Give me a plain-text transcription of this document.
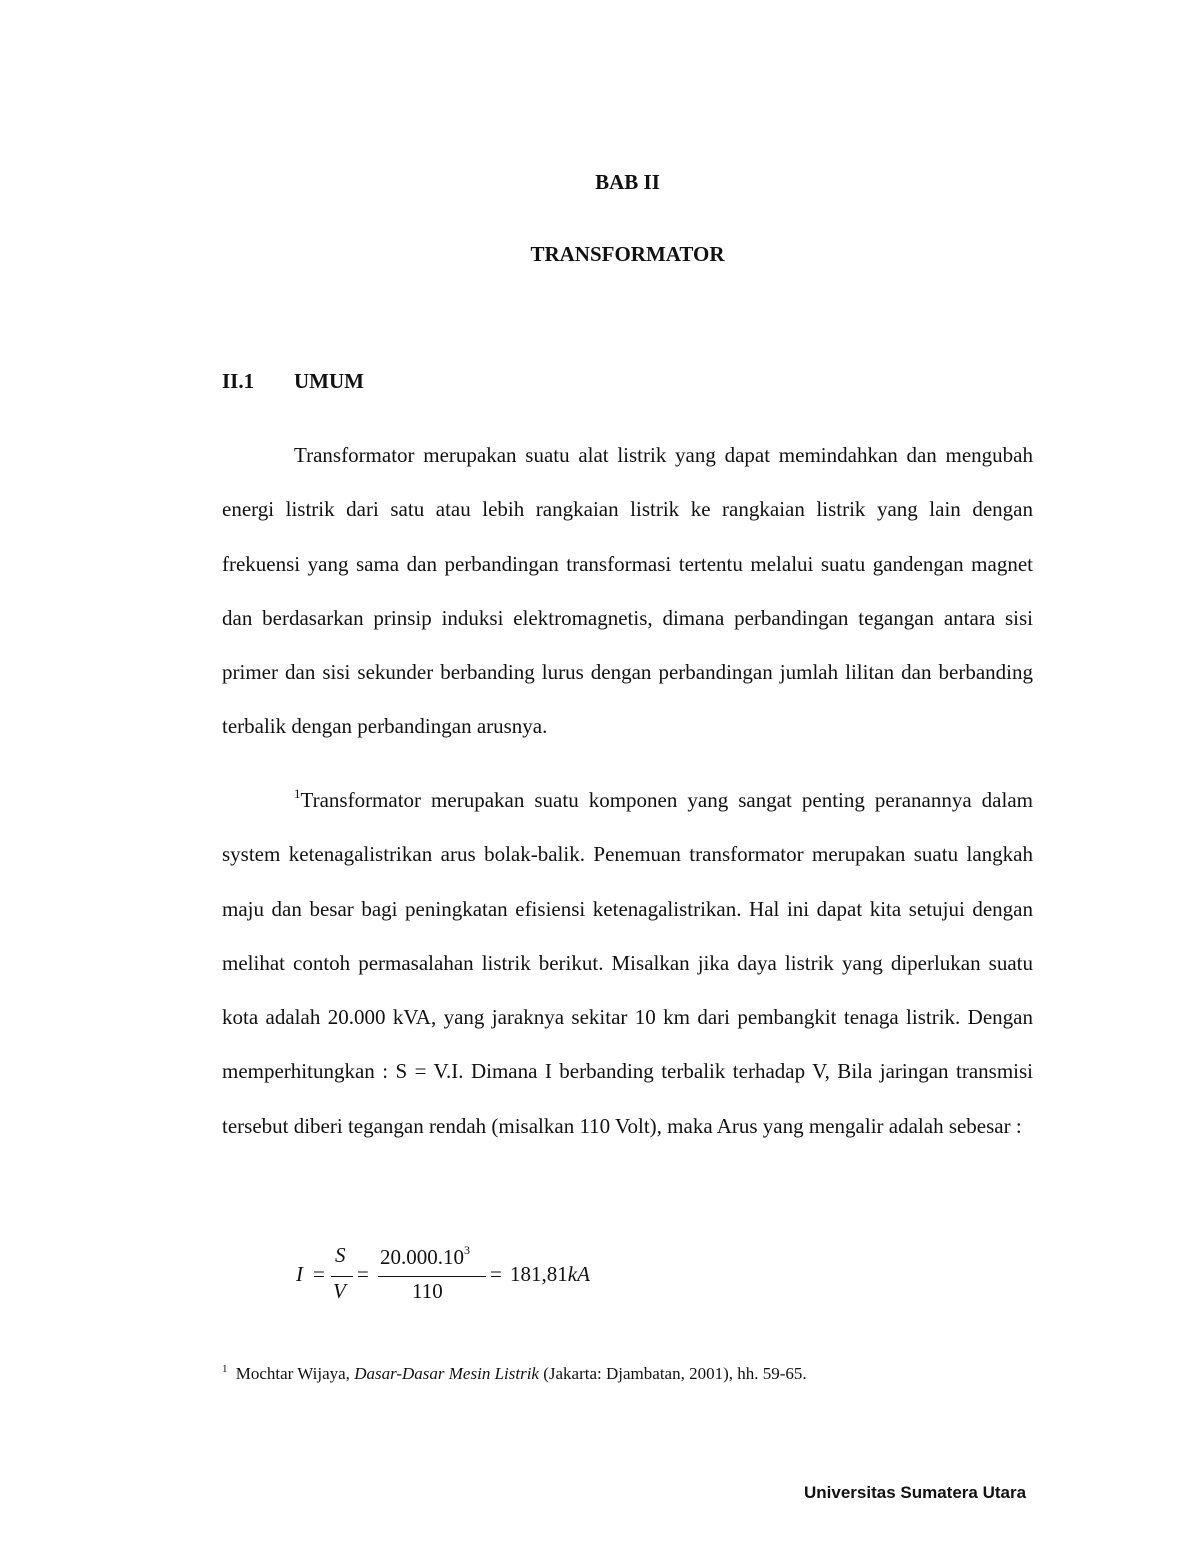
BAB II
TRANSFORMATOR
II.1 UMUM

Transformator merupakan suatu alat listrik yang dapat memindahkan dan mengubah energi listrik dari satu atau lebih rangkaian listrik ke rangkaian listrik yang lain dengan frekuensi yang sama dan perbandingan transformasi tertentu melalui suatu gandengan magnet dan berdasarkan prinsip induksi elektromagnetis, dimana perbandingan tegangan antara sisi primer dan sisi sekunder berbanding lurus dengan perbandingan jumlah lilitan dan berbanding terbalik dengan perbandingan arusnya.

$^1$Transformator merupakan suatu komponen yang sangat penting peranannya dalam system ketenagalistrikan arus bolak-balik. Penemuan transformator merupakan suatu langkah maju dan besar bagi peningkatan efisiensi ketenagalistrikan. Hal ini dapat kita setujui dengan melihat contoh permasalahan listrik berikut. Misalkan jika daya listrik yang diperlukan suatu kota adalah 20.000 kVA, yang jaraknya sekitar 10 km dari pembangkit tenaga listrik. Dengan memperhitungkan : S = V.I. Dimana I berbanding terbalik terhadap V, Bila jaringan transmisi tersebut diberi tegangan rendah (misalkan 110 Volt), maka Arus yang mengalir adalah sebesar :

I =
S
V
=
$20.000.10^3$
110
= 181,81kA
$^1$ Mochtar Wijaya, Dasar-Dasar Mesin Listrik (Jakarta: Djambatan, 2001), hh. 59-65.
Universitas Sumatera Utara
